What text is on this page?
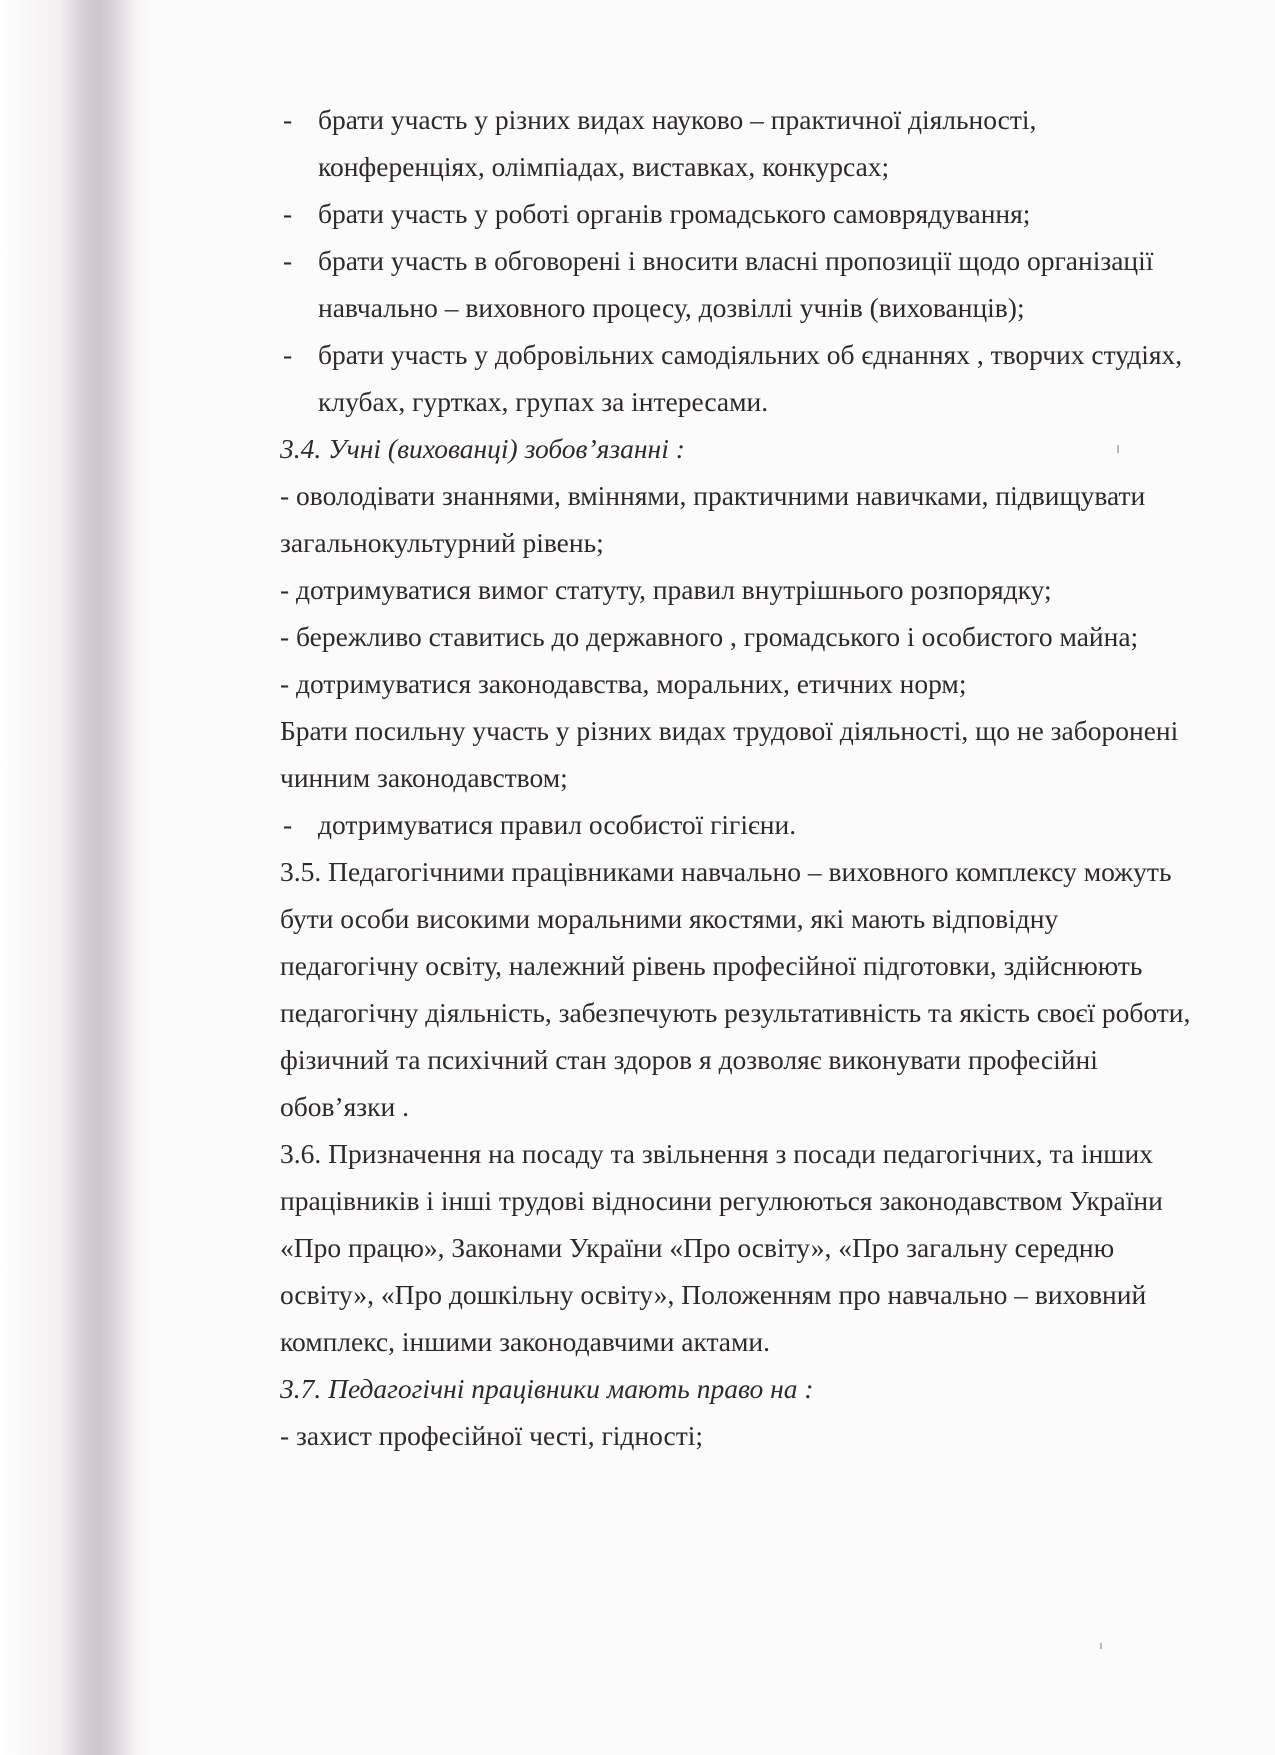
- брати участь у різних видах науково – практичної діяльності,
конференціях, олімпіадах, виставках, конкурсах;
- брати участь у роботі органів громадського самоврядування;
- брати участь в обговорені і вносити власні пропозиції щодо організації
навчально – виховного процесу, дозвіллі учнів (вихованців);
- брати участь у добровільних самодіяльних об єднаннях , творчих студіях,
клубах, гуртках, групах за інтересами.
3.4. Учні (вихованці) зобов’язанні :
- оволодівати знаннями, вміннями, практичними навичками, підвищувати
загальнокультурний рівень;
- дотримуватися вимог статуту, правил внутрішнього розпорядку;
- бережливо ставитись до державного , громадського і особистого майна;
- дотримуватися законодавства, моральних, етичних норм;
Брати посильну участь у різних видах трудової діяльності, що не заборонені
чинним законодавством;
- дотримуватися правил особистої гігієни.
3.5. Педагогічними працівниками навчально – виховного комплексу можуть
бути особи високими моральними якостями, які мають відповідну
педагогічну освіту, належний рівень професійної підготовки, здійснюють
педагогічну діяльність, забезпечують результативність та якість своєї роботи,
фізичний та психічний стан здоров я дозволяє виконувати професійні
обов’язки .
3.6. Призначення на посаду та звільнення з посади педагогічних, та інших
працівників і інші трудові відносини регулюються законодавством України
«Про працю», Законами України «Про освіту», «Про загальну середню
освіту», «Про дошкільну освіту», Положенням про навчально – виховний
комплекс, іншими законодавчими актами.
3.7. Педагогічні працівники мають право на :
- захист професійної честі, гідності;
